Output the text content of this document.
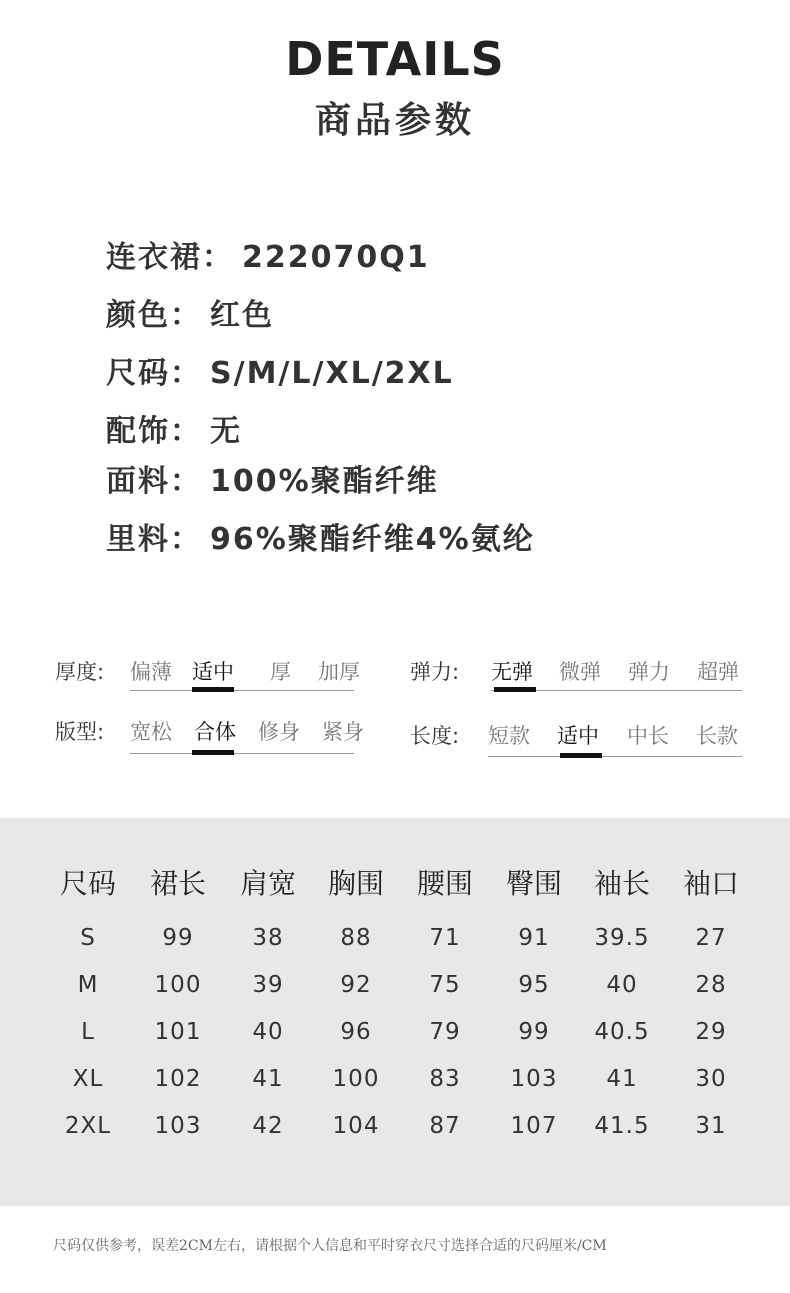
DETAILS
商品参数
连衣裙： 222070Q1
颜色： 红色
尺码： S/M/L/XL/2XL
配饰： 无
面料： 100%聚酯纤维
里料： 96%聚酯纤维4%氨纶
厚度: 偏薄 适中 厚 加厚 弹力: 无弹 微弹 弹力 超弹
版型: 宽松 合体 修身 紧身 长度: 短款 适中 中长 长款
尺码	裙长	肩宽	胸围	腰围	臀围	袖长	袖口
S	99	38	88	71	91	39.5	27
M	100	39	92	75	95	40	28
L	101	40	96	79	99	40.5	29
XL	102	41	100	83	103	41	30
2XL	103	42	104	87	107	41.5	31
尺码仅供参考，误差2CM左右，请根据个人信息和平时穿衣尺寸选择合适的尺码厘米/CM
